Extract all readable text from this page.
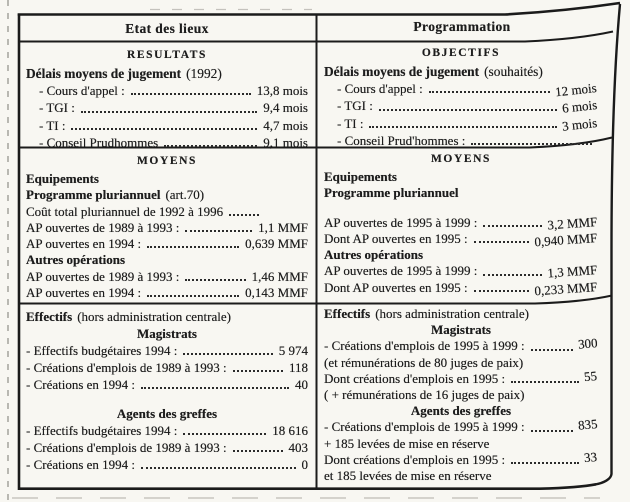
Etat des lieux	Programmation
RESULTATS
Délais moyens de jugement (1992)
- Cours d'appel :	13,8 mois
- TGI :	9,4 mois
- TI :	4,7 mois
- Conseil Prudhommes	9,1 mois
OBJECTIFS
Délais moyens de jugement (souhaités)
- Cours d'appel :	12 mois
- TGI :	6 mois
- TI :	3 mois
- Conseil Prud'hommes :
MOYENS
Equipements
Programme pluriannuel (art.70)
Coût total pluriannuel de 1992 à 1996
AP ouvertes de 1989 à 1993 :	1,1 MMF
AP ouvertes en 1994 :	0,639 MMF
Autres opérations
AP ouvertes de 1989 à 1993 :	1,46 MMF
AP ouvertes en 1994 :	0,143 MMF
MOYENS
Equipements
Programme pluriannuel
AP ouvertes de 1995 à 1999 :	3,2 MMF
Dont AP ouvertes en 1995 :	0,940 MMF
Autres opérations
AP ouvertes de 1995 à 1999 :	1,3 MMF
Dont AP ouvertes en 1995 :	0,233 MMF
Effectifs (hors administration centrale)
Magistrats
- Effectifs budgétaires 1994 :	5 974
- Créations d'emplois de 1989 à 1993 :	118
- Créations en 1994 :	40
Agents des greffes
- Effectifs budgétaires 1994 :	18 616
- Créations d'emplois de 1989 à 1993 :	403
- Créations en 1994 :	0
Effectifs (hors administration centrale)
Magistrats
- Créations d'emplois de 1995 à 1999 :	300
(et rémunérations de 80 juges de paix)
Dont créations d'emplois en 1995 :	55
( + rémunérations de 16 juges de paix)
Agents des greffes
- Créations d'emplois de 1995 à 1999 :	835
+ 185 levées de mise en réserve
Dont créations d'emplois en 1995 :	33
et 185 levées de mise en réserve
